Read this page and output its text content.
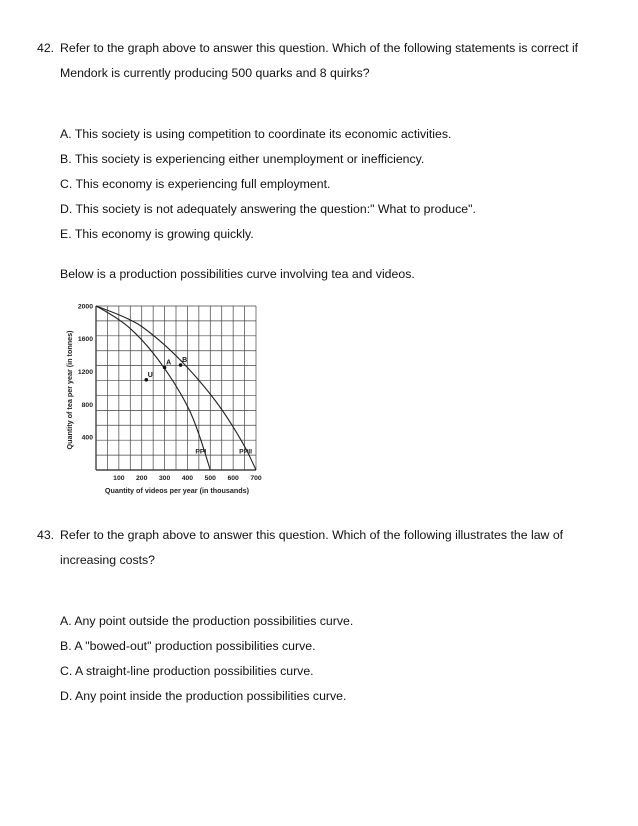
42. Refer to the graph above to answer this question. Which of the following statements is correct if
Mendork is currently producing 500 quarks and 8 quirks?
A. This society is using competition to coordinate its economic activities.
B. This society is experiencing either unemployment or inefficiency.
C. This economy is experiencing full employment.
D. This society is not adequately answering the question:" What to produce".
E. This economy is growing quickly.
Below is a production possibilities curve involving tea and videos.
PPI	PPII
U
A B
100 200 300 400 500 600 700
2000
1600
1200
800
400
Quantity of videos per year (in thousands)
Quantity of tea per year (in tonnes)
43. Refer to the graph above to answer this question. Which of the following illustrates the law of
increasing costs?
A. Any point outside the production possibilities curve.
B. A "bowed-out" production possibilities curve.
C. A straight-line production possibilities curve.
D. Any point inside the production possibilities curve.
